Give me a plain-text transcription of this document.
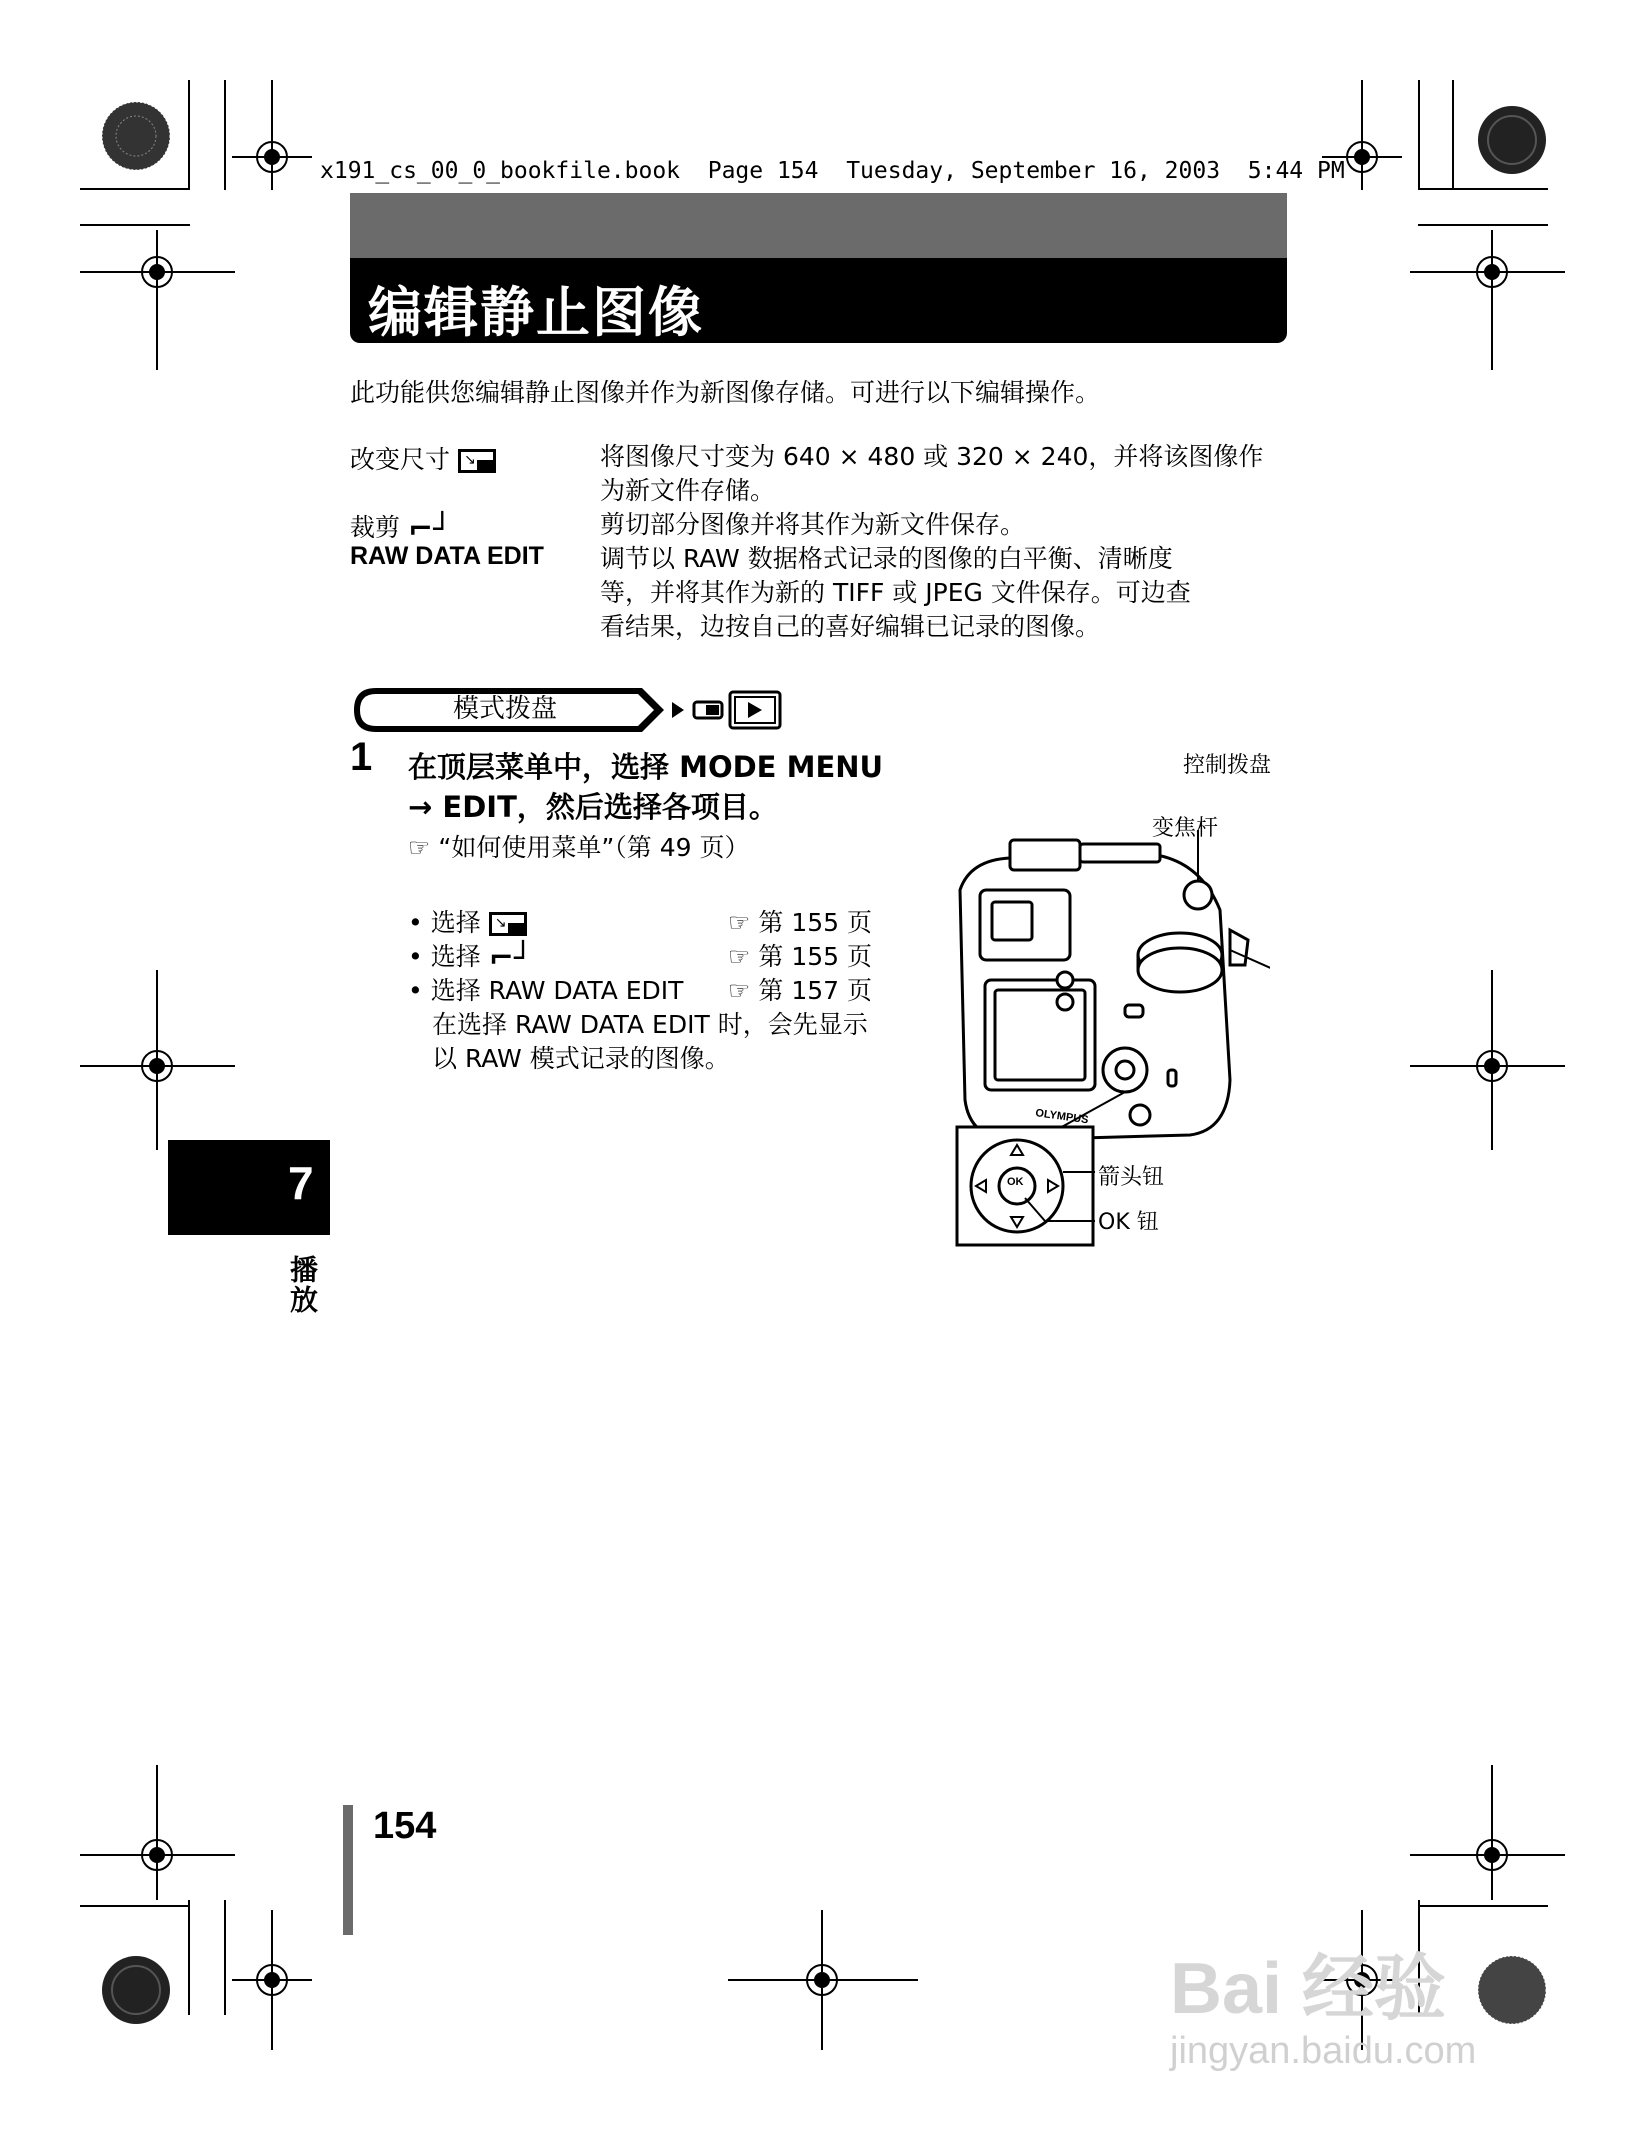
x191_cs_00_0_bookfile.book  Page 154  Tuesday, September 16, 2003  5:44 PM
编辑静止图像
此功能供您编辑静止图像并作为新图像存储。可进行以下编辑操作。
改变尺寸 ↘	将图像尺寸变为 640 × 480 或 320 × 240，并将该图像作
为新文件存储。
裁剪 ⌐┘	剪切部分图像并将其作为新文件保存。
RAW DATA EDIT 调节以 RAW 数据格式记录的图像的白平衡、清晰度
等，并将其作为新的 TIFF 或 JPEG 文件保存。可边查
看结果，边按自己的喜好编辑已记录的图像。
模式拨盘
1 在顶层菜单中，选择 MODE MENU
→ EDIT，然后选择各项目。
☞ “如何使用菜单”（第 49 页）
• 选择 ↘	☞ 第 155 页
• 选择 ⌐┘	☞ 第 155 页
• 选择 RAW DATA EDIT ☞ 第 157 页
在选择 RAW DATA EDIT 时，会先显示
以 RAW 模式记录的图像。
OLYMPUS
OK
控制拨盘
变焦杆
箭头钮
OK 钮
7
播放
154
Bai 经验
jingyan.baidu.com
